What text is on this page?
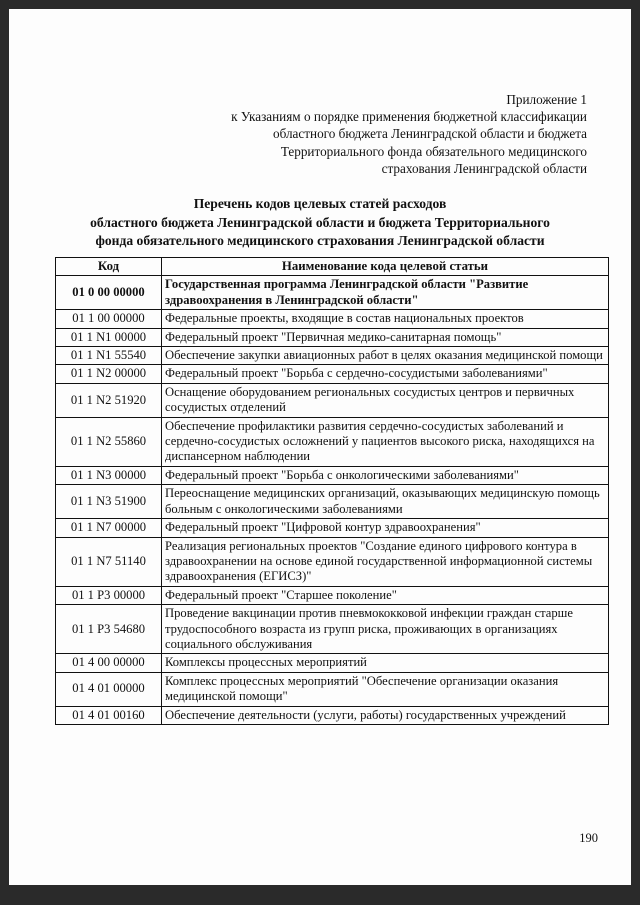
Приложение 1
к Указаниям о порядке применения бюджетной классификации
областного бюджета Ленинградской области и бюджета
Территориального фонда обязательного медицинского
страхования Ленинградской области
Перечень кодов целевых статей расходов
областного бюджета Ленинградской области и бюджета Территориального
фонда обязательного медицинского страхования Ленинградской области
Код	Наименование кода целевой статьи
01 0 00 00000	Государственная программа Ленинградской области "Развитие здравоохранения в Ленинградской области"
01 1 00 00000	Федеральные проекты, входящие в состав национальных проектов
01 1 N1 00000	Федеральный проект "Первичная медико-санитарная помощь"
01 1 N1 55540	Обеспечение закупки авиационных работ в целях оказания медицинской помощи
01 1 N2 00000	Федеральный проект "Борьба с сердечно-сосудистыми заболеваниями"
01 1 N2 51920	Оснащение оборудованием региональных сосудистых центров и первичных сосудистых отделений
01 1 N2 55860	Обеспечение профилактики развития сердечно-сосудистых заболеваний и сердечно-сосудистых осложнений у пациентов высокого риска, находящихся на диспансерном наблюдении
01 1 N3 00000	Федеральный проект "Борьба с онкологическими заболеваниями"
01 1 N3 51900	Переоснащение медицинских организаций, оказывающих медицинскую помощь больным с онкологическими заболеваниями
01 1 N7 00000	Федеральный проект "Цифровой контур здравоохранения"
01 1 N7 51140	Реализация региональных проектов "Создание единого цифрового контура в здравоохранении на основе единой государственной информационной системы здравоохранения (ЕГИСЗ)"
01 1 P3 00000	Федеральный проект "Старшее поколение"
01 1 P3 54680	Проведение вакцинации против пневмококковой инфекции граждан старше трудоспособного возраста из групп риска, проживающих в организациях социального обслуживания
01 4 00 00000	Комплексы процессных мероприятий
01 4 01 00000	Комплекс процессных мероприятий "Обеспечение организации оказания медицинской помощи"
01 4 01 00160	Обеспечение деятельности (услуги, работы) государственных учреждений
190
